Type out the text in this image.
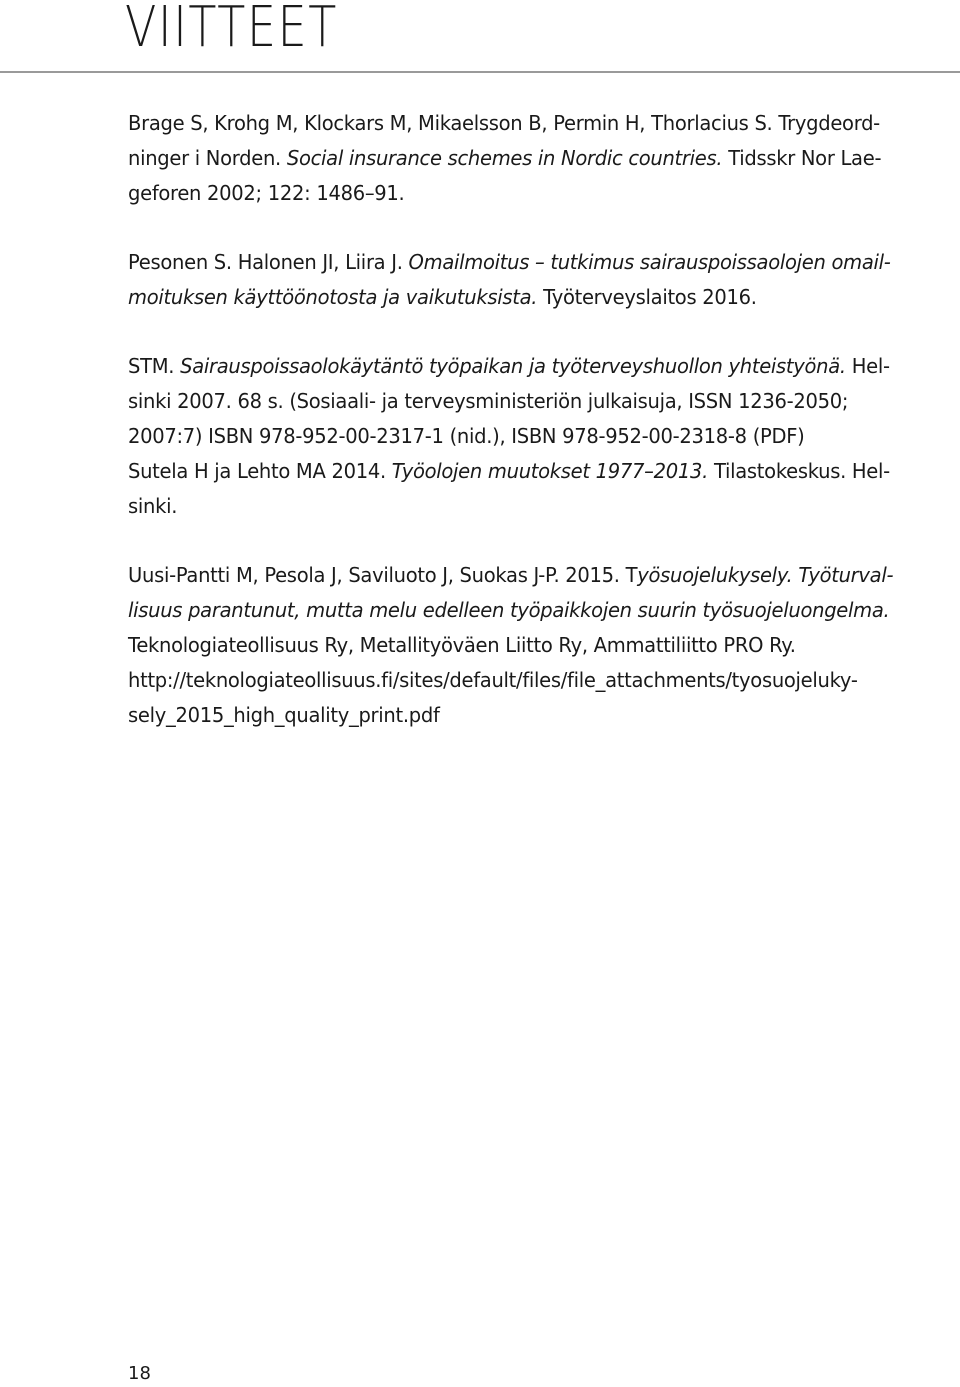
VIITTEET

Brage S, Krohg M, Klockars M, Mikaelsson B, Permin H, Thorlacius S. Trygdeord-
ninger i Norden. Social insurance schemes in Nordic countries. Tidsskr Nor Lae-
geforen 2002; 122: 1486–91.

Pesonen S. Halonen JI, Liira J. Omailmoitus – tutkimus sairauspoissaolojen omail-
moituksen käyttöönotosta ja vaikutuksista. Työterveyslaitos 2016.

STM. Sairauspoissaolokäytäntö työpaikan ja työterveyshuollon yhteistyönä. Hel-
sinki 2007. 68 s. (Sosiaali- ja terveysministeriön julkaisuja, ISSN 1236-2050;
2007:7) ISBN 978-952-00-2317-1 (nid.), ISBN 978-952-00-2318-8 (PDF)
Sutela H ja Lehto MA 2014. Työolojen muutokset 1977–2013. Tilastokeskus. Hel-
sinki.

Uusi-Pantti M, Pesola J, Saviluoto J, Suokas J-P. 2015. Työsuojelukysely. Työturval-
lisuus parantunut, mutta melu edelleen työpaikkojen suurin työsuojeluongelma.
Teknologiateollisuus Ry, Metallityöväen Liitto Ry, Ammattiliitto PRO Ry.
http://teknologiateollisuus.fi/sites/default/files/file_attachments/tyosuojeluky-
sely_2015_high_quality_print.pdf

18
